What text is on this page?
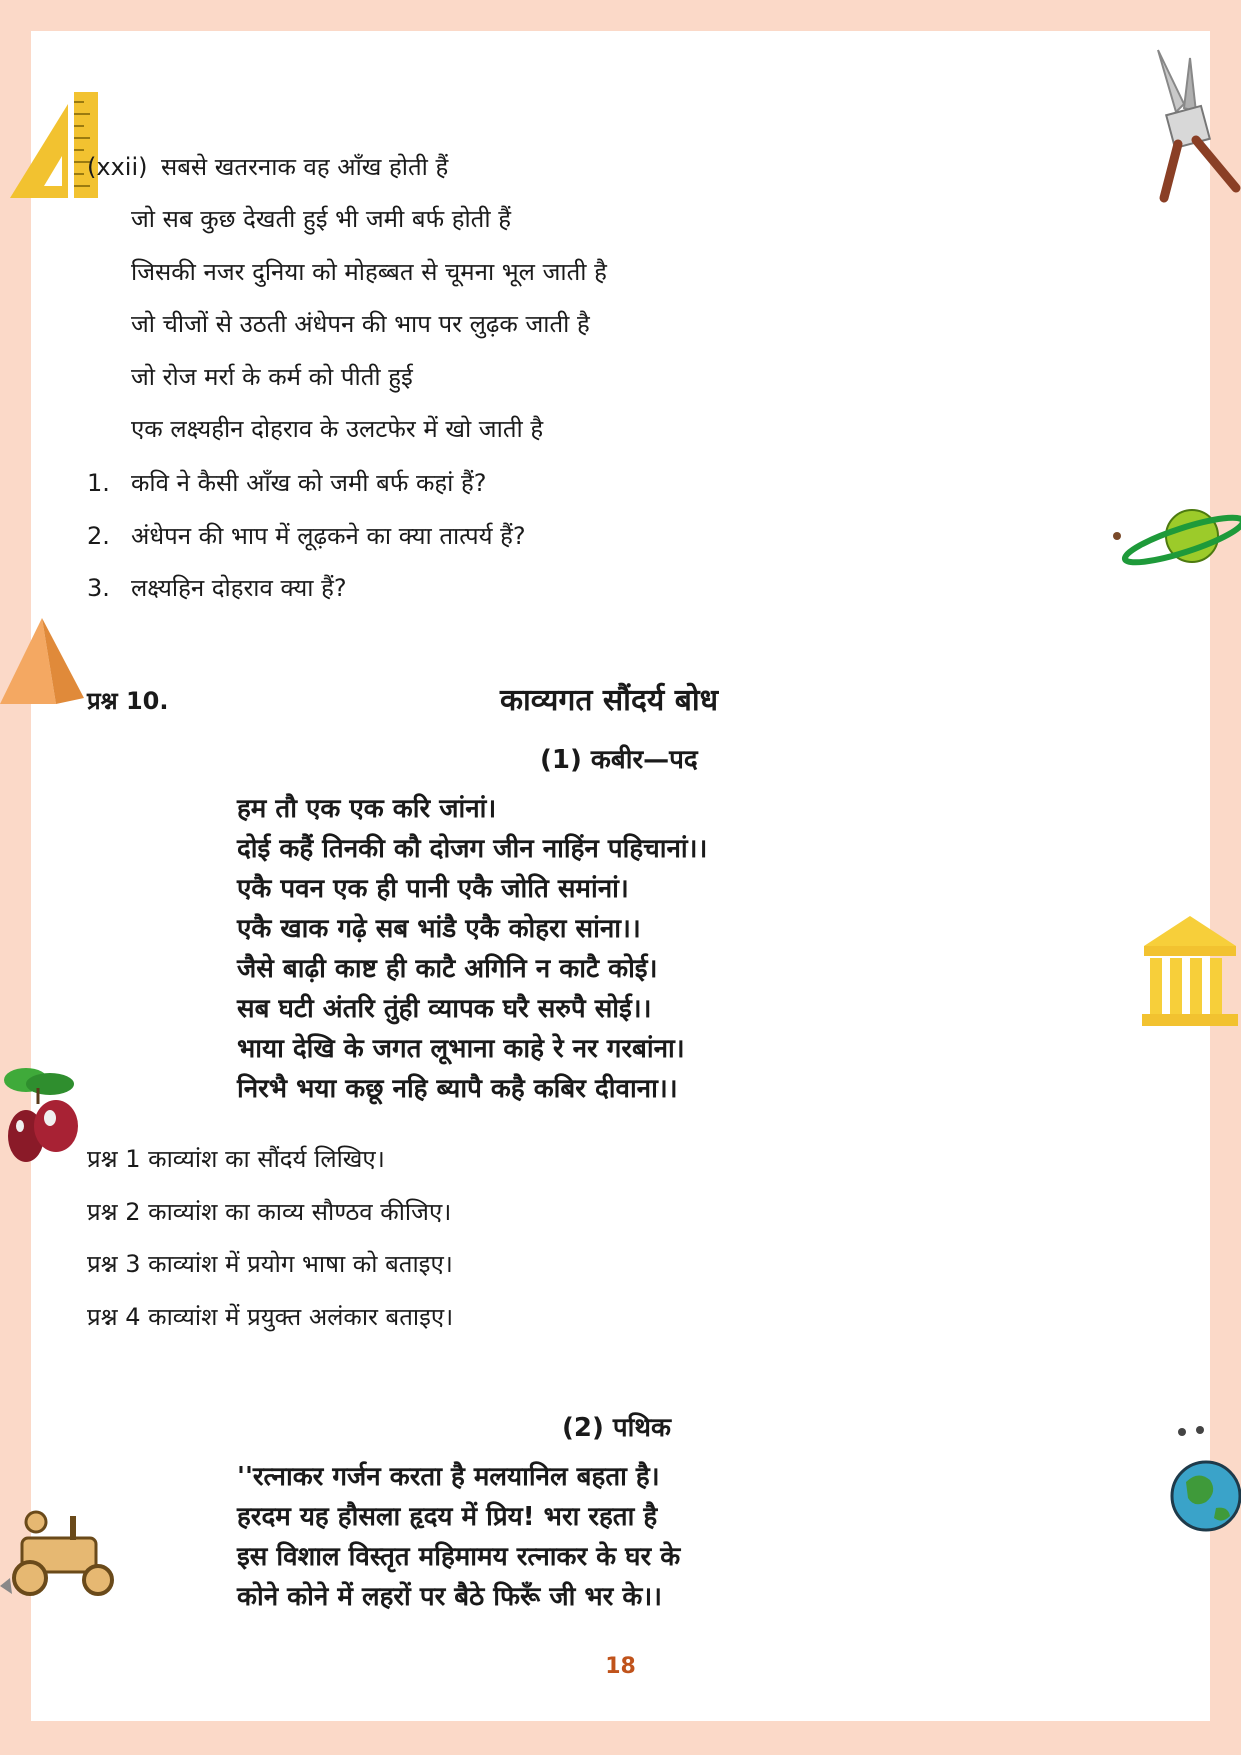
(xxii) सबसे खतरनाक वह आँख होती हैं
जो सब कुछ देखती हुई भी जमी बर्फ होती हैं
जिसकी नजर दुनिया को मोहब्बत से चूमना भूल जाती है
जो चीजों से उठती अंधेपन की भाप पर लुढ़क जाती है
जो रोज मर्रा के कर्म को पीती हुई
एक लक्ष्यहीन दोहराव के उलटफेर में खो जाती है
1. कवि ने कैसी आँख को जमी बर्फ कहां हैं?
2. अंधेपन की भाप में लूढ़कने का क्या तात्पर्य हैं?
3. लक्ष्यहिन दोहराव क्या हैं?
प्रश्न 10.	काव्यगत सौंदर्य बोध
(1) कबीर—पद
हम तौ एक एक करि जांनां।
दोई कहैं तिनकी कौ दोजग जीन नाहिंन पहिचानां।।
एकै पवन एक ही पानी एकै जोति समांनां।
एकै खाक गढ़े सब भांडै एकै कोहरा सांना।।
जैसे बाढ़ी काष्ट ही काटै अगिनि न काटै कोई।
सब घटी अंतरि तुंही व्यापक घरै सरुपै सोई।।
भाया देखि के जगत लूभाना काहे रे नर गरबांना।
निरभै भया कछू नहि ब्यापै कहै कबिर दीवाना।।
प्रश्न 1 काव्यांश का सौंदर्य लिखिए।
प्रश्न 2 काव्यांश का काव्य सौण्ठव कीजिए।
प्रश्न 3 काव्यांश में प्रयोग भाषा को बताइए।
प्रश्न 4 काव्यांश में प्रयुक्त अलंकार बताइए।
(2) पथिक
''रत्नाकर गर्जन करता है मलयानिल बहता है।
हरदम यह हौसला हृदय में प्रिय! भरा रहता है
इस विशाल विस्तृत महिमामय रत्नाकर के घर के
कोने कोने में लहरों पर बैठे फिरूँ जी भर के।।
18
